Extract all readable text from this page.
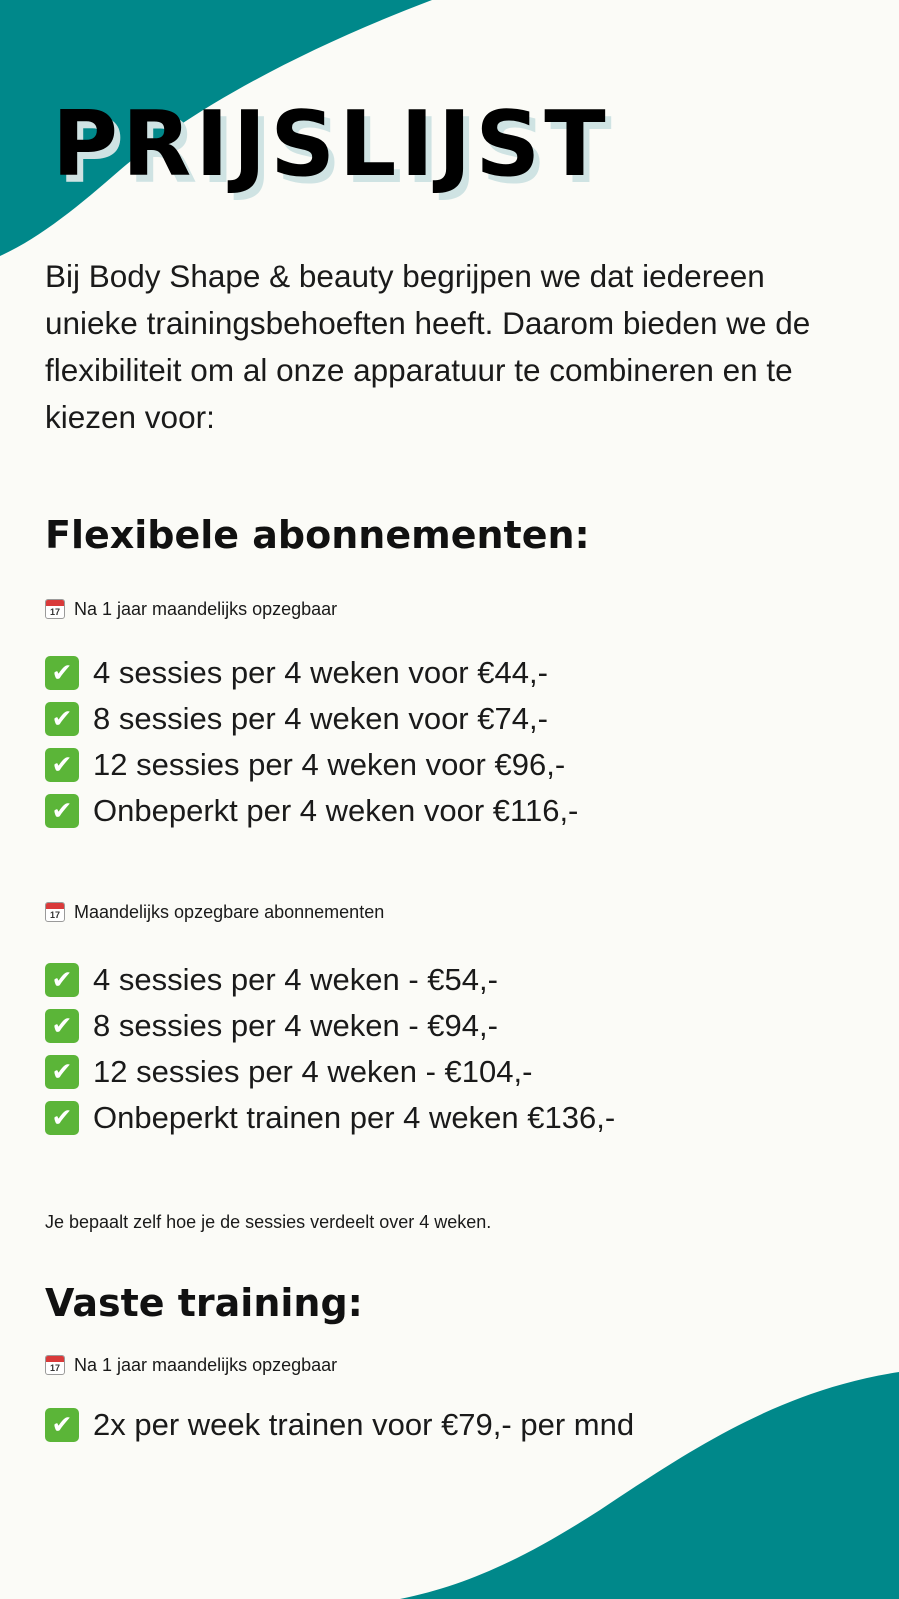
PRIJSLIJST

Bij Body Shape & beauty begrijpen we dat iedereen unieke trainingsbehoeften heeft. Daarom bieden we de flexibiliteit om al onze apparatuur te combineren en te kiezen voor:

Flexibele abonnementen:
17
Na 1 jaar maandelijks opzegbaar
✔
4 sessies per 4 weken voor €44,-
✔
8 sessies per 4 weken voor €74,-
✔
12 sessies per 4 weken voor €96,-
✔
Onbeperkt per 4 weken voor €116,-
17
Maandelijks opzegbare abonnementen
✔
4 sessies per 4 weken - €54,-
✔
8 sessies per 4 weken - €94,-
✔
12 sessies per 4 weken - €104,-
✔
Onbeperkt trainen per 4 weken €136,-

Je bepaalt zelf hoe je de sessies verdeelt over 4 weken.

Vaste training:
17
Na 1 jaar maandelijks opzegbaar
✔
2x per week trainen voor €79,- per mnd
